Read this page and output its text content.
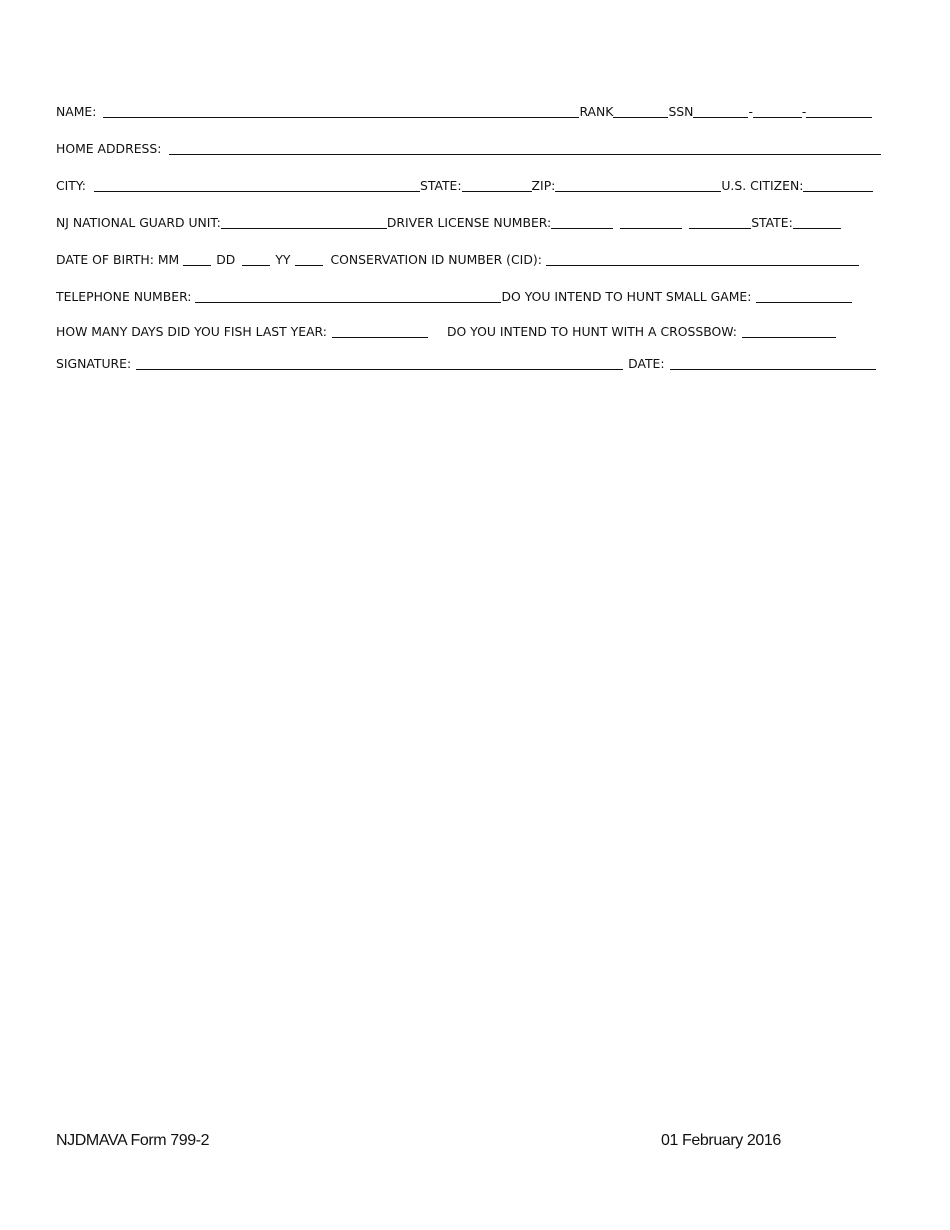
NAME:	RANK	SSN	-	-
HOME ADDRESS:
CITY:	STATE:	ZIP:	U.S. CITIZEN:
NJ NATIONAL GUARD UNIT:	DRIVER LICENSE NUMBER:	STATE:
DATE OF BIRTH: MM	DD	YY	CONSERVATION ID NUMBER (CID):
TELEPHONE NUMBER:	DO YOU INTEND TO HUNT SMALL GAME:
HOW MANY DAYS DID YOU FISH LAST YEAR:	DO YOU INTEND TO HUNT WITH A CROSSBOW:
SIGNATURE:	DATE:
NJDMAVA Form 799-2	01 February 2016
